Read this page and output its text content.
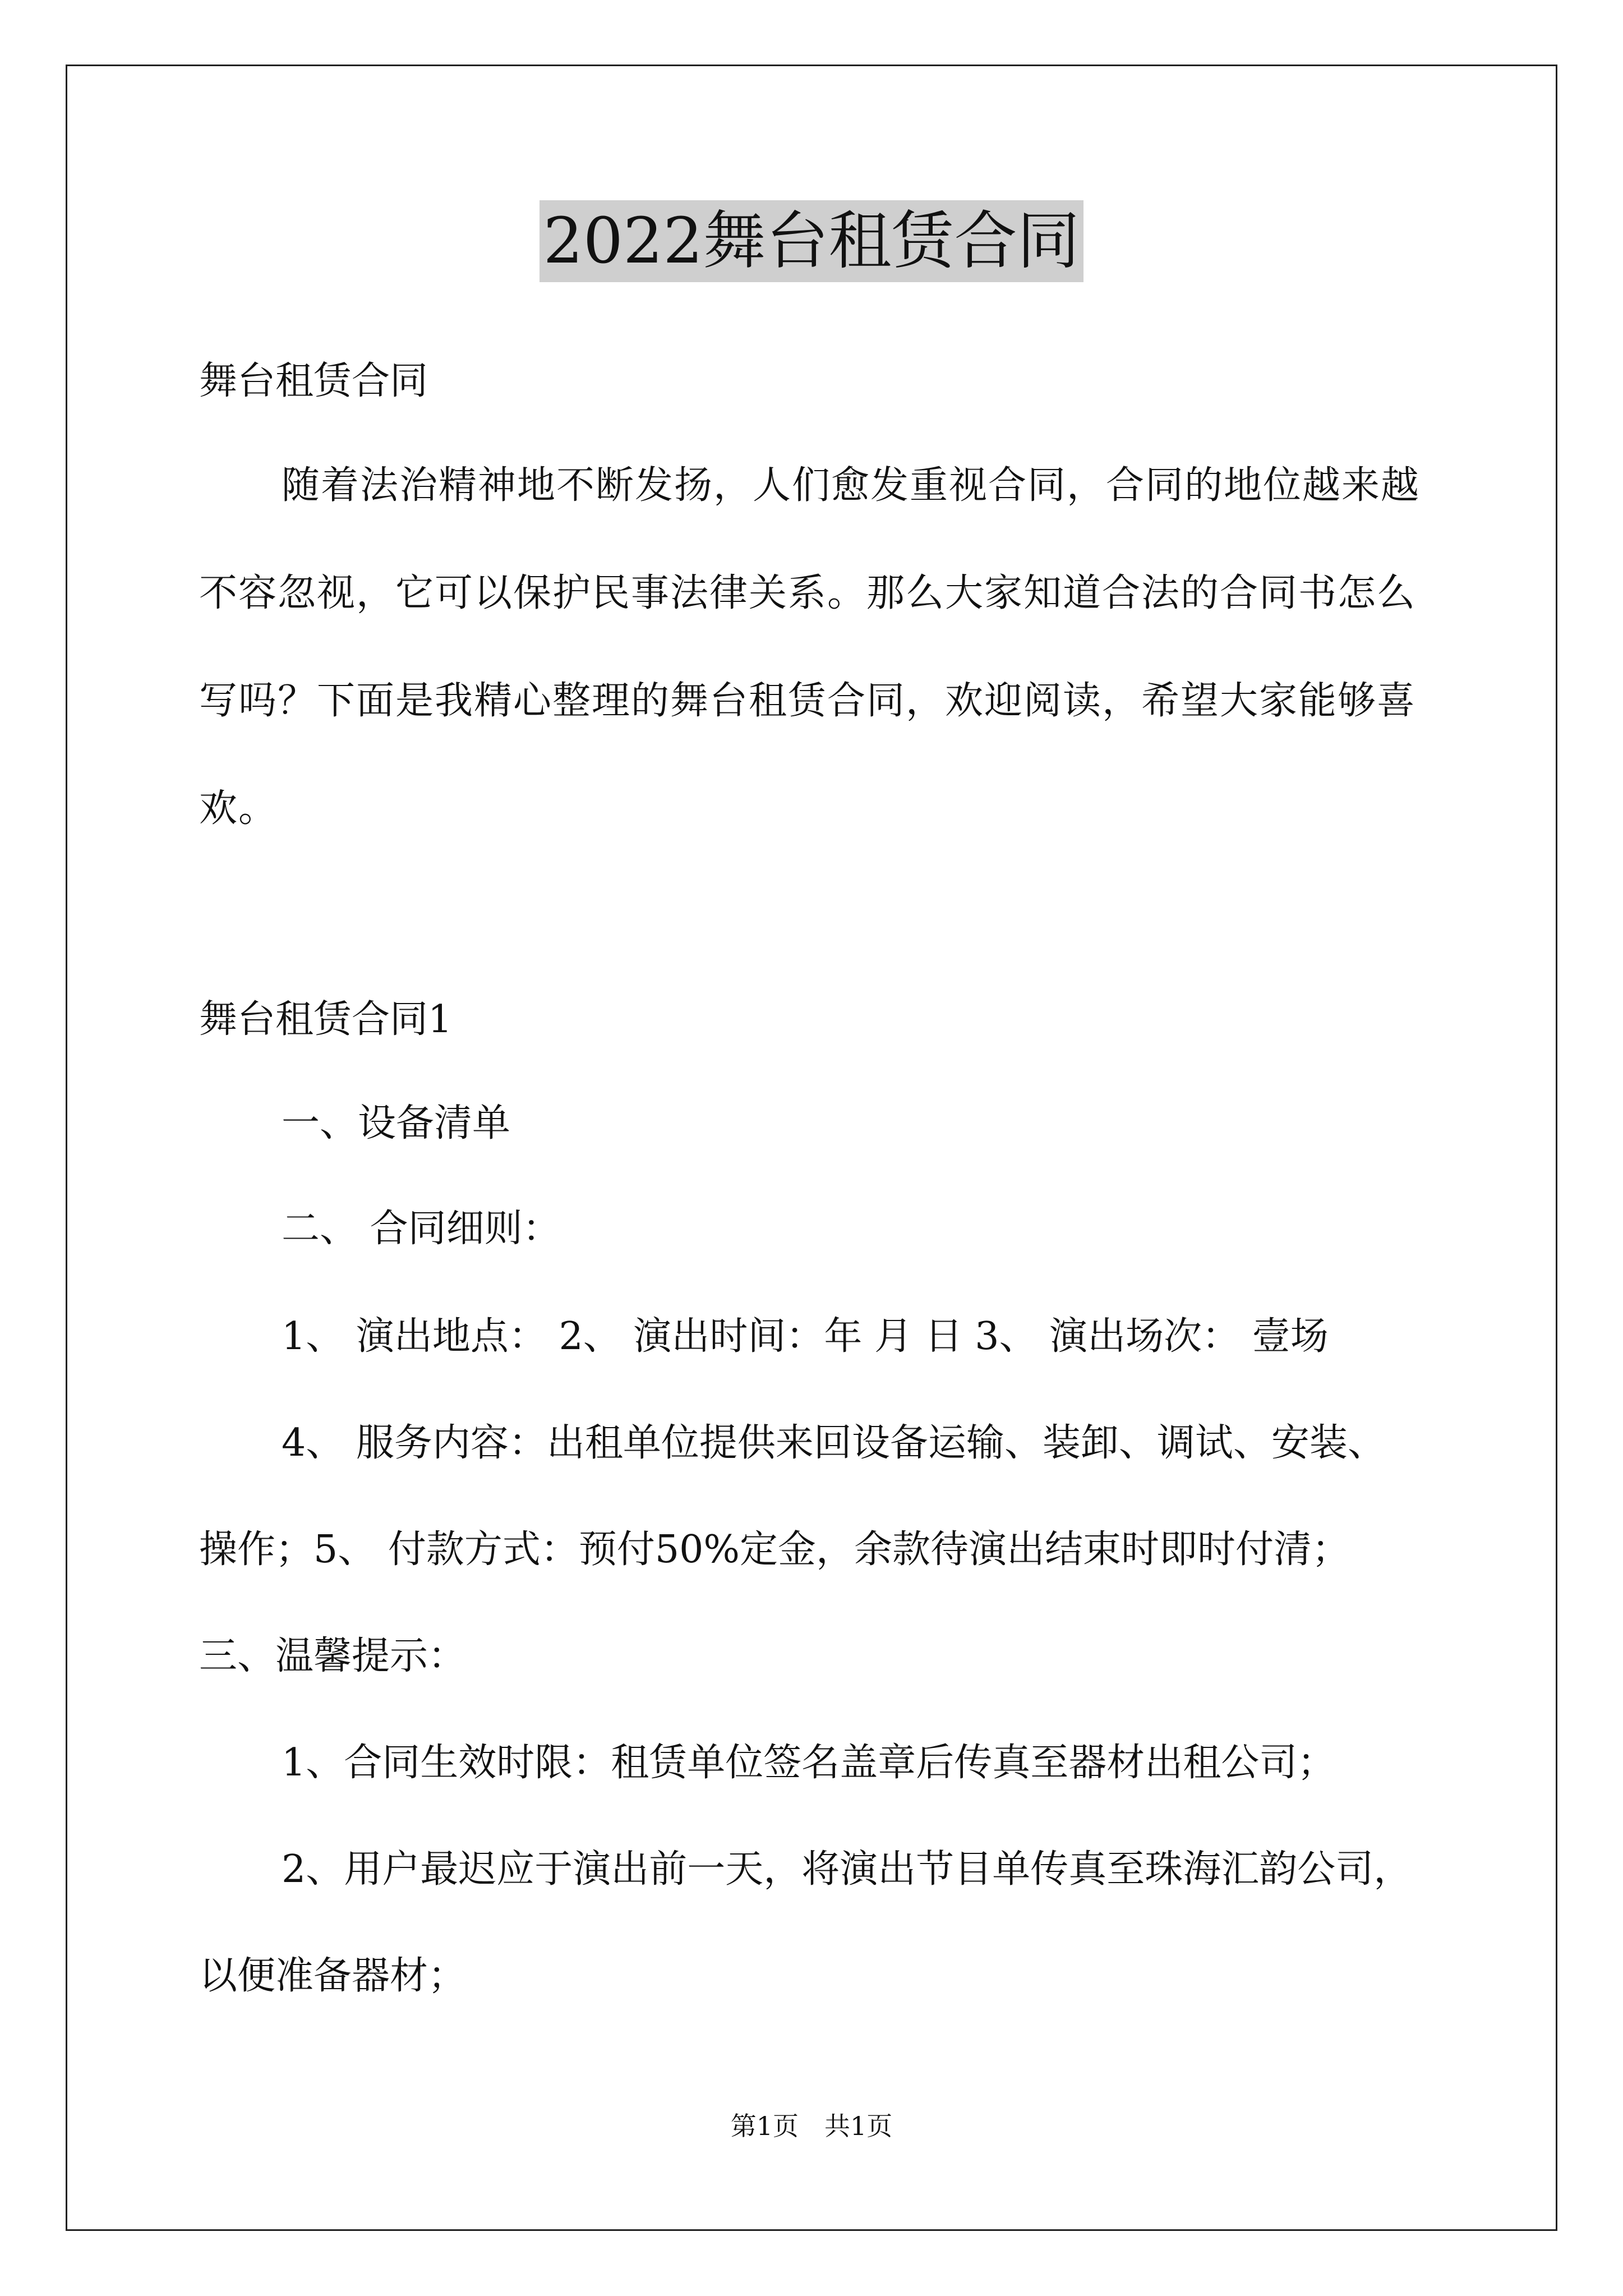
2022舞台租赁合同
舞台租赁合同
随着法治精神地不断发扬，人们愈发重视合同，合同的地位越来越不容忽视，它可以保护民事法律关系。那么大家知道合法的合同书怎么写吗？下面是我精心整理的舞台租赁合同，欢迎阅读，希望大家能够喜欢。
舞台租赁合同1
一、设备清单
二、 合同细则：
1、 演出地点： 2、 演出时间：年 月 日 3、 演出场次： 壹场
4、 服务内容：出租单位提供来回设备运输、装卸、调试、安装、
操作；5、 付款方式：预付50%定金，余款待演出结束时即时付清；
三、温馨提示：
1、合同生效时限：租赁单位签名盖章后传真至器材出租公司；
2、用户最迟应于演出前一天，将演出节目单传真至珠海汇韵公司，
以便准备器材；
第1页　共1页
